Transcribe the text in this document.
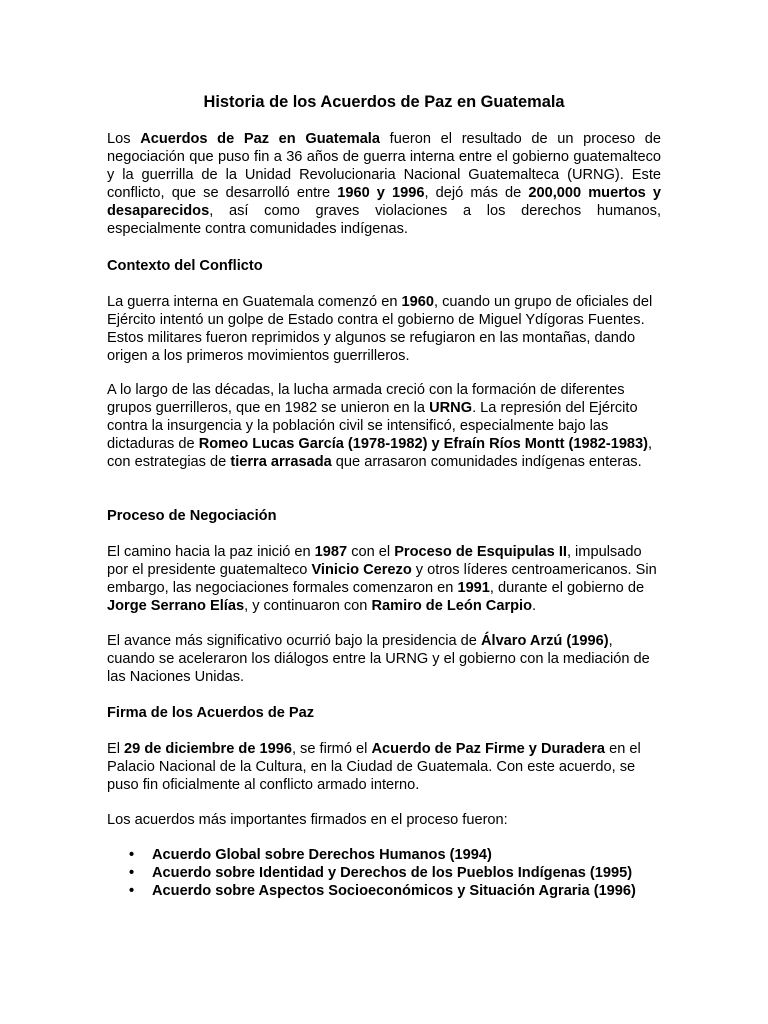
Historia de los Acuerdos de Paz en Guatemala
Los Acuerdos de Paz en Guatemala fueron el resultado de un proceso de negociación que puso fin a 36 años de guerra interna entre el gobierno guatemalteco y la guerrilla de la Unidad Revolucionaria Nacional Guatemalteca (URNG). Este conflicto, que se desarrolló entre 1960 y 1996, dejó más de 200,000 muertos y desaparecidos, así como graves violaciones a los derechos humanos, especialmente contra comunidades indígenas.
Contexto del Conflicto
La guerra interna en Guatemala comenzó en 1960, cuando un grupo de oficiales del Ejército intentó un golpe de Estado contra el gobierno de Miguel Ydígoras Fuentes. Estos militares fueron reprimidos y algunos se refugiaron en las montañas, dando origen a los primeros movimientos guerrilleros.
A lo largo de las décadas, la lucha armada creció con la formación de diferentes grupos guerrilleros, que en 1982 se unieron en la URNG. La represión del Ejército contra la insurgencia y la población civil se intensificó, especialmente bajo las dictaduras de Romeo Lucas García (1978-1982) y Efraín Ríos Montt (1982-1983), con estrategias de tierra arrasada que arrasaron comunidades indígenas enteras.
Proceso de Negociación
El camino hacia la paz inició en 1987 con el Proceso de Esquipulas II, impulsado por el presidente guatemalteco Vinicio Cerezo y otros líderes centroamericanos. Sin embargo, las negociaciones formales comenzaron en 1991, durante el gobierno de Jorge Serrano Elías, y continuaron con Ramiro de León Carpio.
El avance más significativo ocurrió bajo la presidencia de Álvaro Arzú (1996), cuando se aceleraron los diálogos entre la URNG y el gobierno con la mediación de las Naciones Unidas.
Firma de los Acuerdos de Paz
El 29 de diciembre de 1996, se firmó el Acuerdo de Paz Firme y Duradera en el Palacio Nacional de la Cultura, en la Ciudad de Guatemala. Con este acuerdo, se puso fin oficialmente al conflicto armado interno.
Los acuerdos más importantes firmados en el proceso fueron:
• Acuerdo Global sobre Derechos Humanos (1994)
• Acuerdo sobre Identidad y Derechos de los Pueblos Indígenas (1995)
• Acuerdo sobre Aspectos Socioeconómicos y Situación Agraria (1996)
